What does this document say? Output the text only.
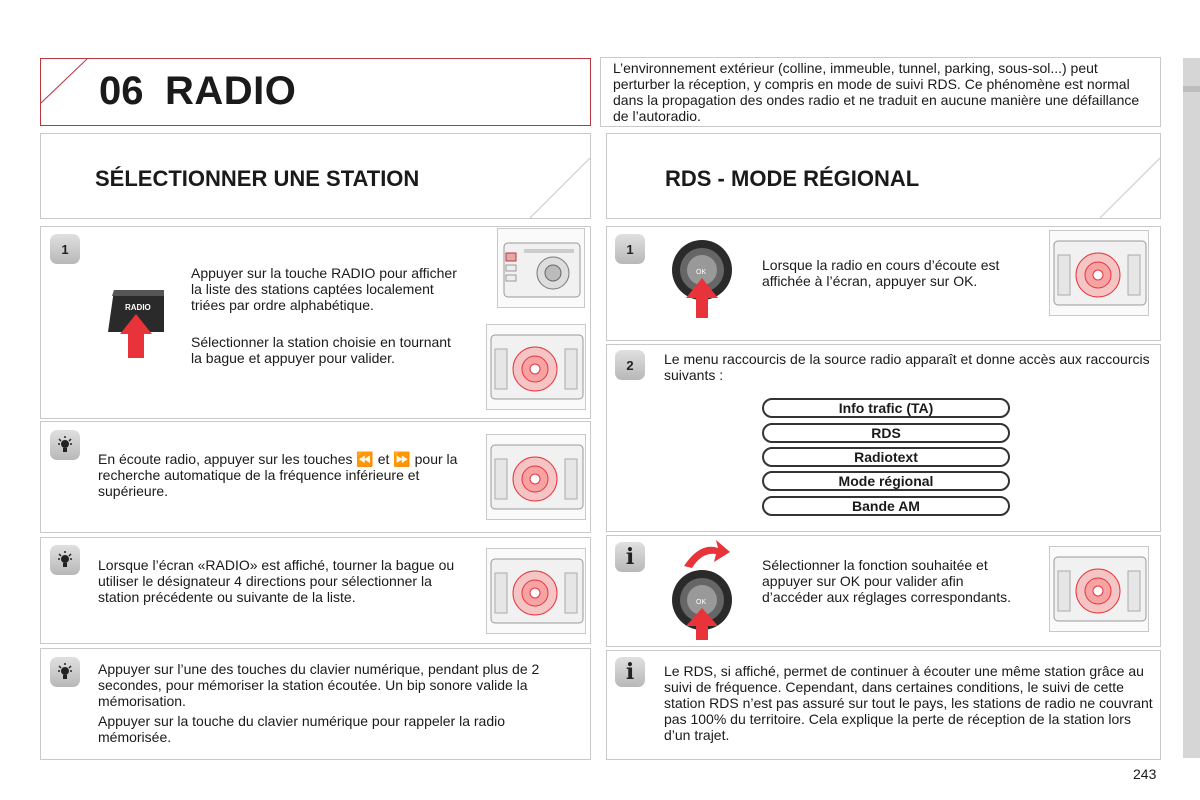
06 RADIO
L’environnement extérieur (colline, immeuble, tunnel, parking, sous-sol...) peut perturber la réception, y compris en mode de suivi RDS. Ce phénomène est normal dans la propagation des ondes radio et ne traduit en aucune manière une défaillance de l’autoradio.
SÉLECTIONNER UNE STATION	RDS - MODE RÉGIONAL
1
RADIO
Appuyer sur la touche RADIO pour afficher la liste des stations captées localement triées par ordre alphabétique.
Sélectionner la station choisie en tournant la bague et appuyer pour valider.
En écoute radio, appuyer sur les touches ⏪ et ⏩ pour la recherche automatique de la fréquence inférieure et supérieure.
Lorsque l’écran «RADIO» est affiché, tourner la bague ou utiliser le désignateur 4 directions pour sélectionner la station précédente ou suivante de la liste.
Appuyer sur l’une des touches du clavier numérique, pendant plus de 2 secondes, pour mémoriser la station écoutée. Un bip sonore valide la mémorisation.
Appuyer sur la touche du clavier numérique pour rappeler la radio mémorisée.
1
OK	Lorsque la radio en cours d’écoute est affichée à l’écran, appuyer sur OK.
2	Le menu raccourcis de la source radio apparaît et donne accès aux raccourcis suivants :
Info trafic (TA)
RDS
Radiotext
Mode régional
Bande AM
i
OK
Sélectionner la fonction souhaitée et appuyer sur OK pour valider afin d’accéder aux réglages correspondants.
i	Le RDS, si affiché, permet de continuer à écouter une même station grâce au suivi de fréquence. Cependant, dans certaines conditions, le suivi de cette station RDS n’est pas assuré sur tout le pays, les stations de radio ne couvrant pas 100% du territoire. Cela explique la perte de réception de la station lors d’un trajet.
243
